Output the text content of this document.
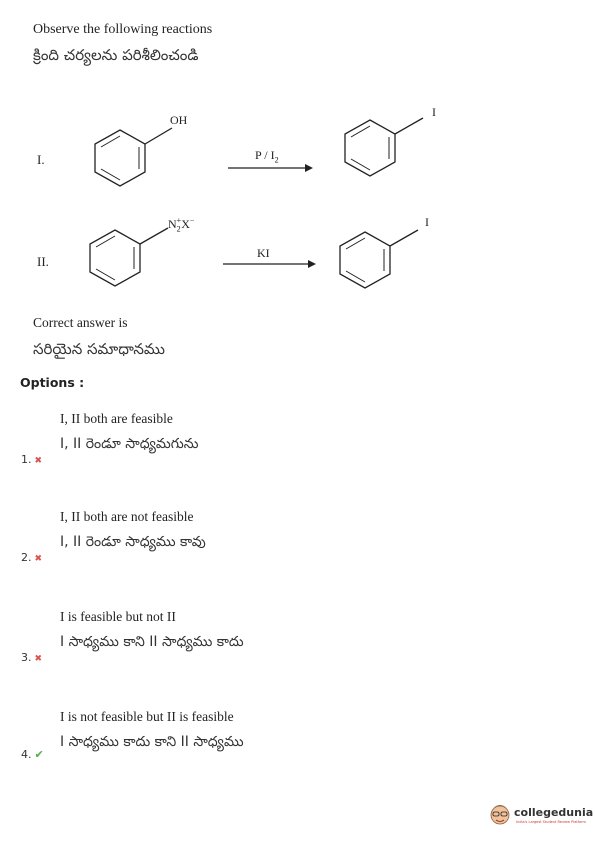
Observe the following reactions
క్రింది చర్యలను పరిశీలించండి
I.
OH
P / $I_2$
I
II.
$N_2^+X^-$
KI
I
Correct answer is
సరియైన సమాధానము
Options :
I, II both are feasible
I, II రెండూ సాధ్యమగును
1. ✖
I, II both are not feasible
I, II రెండూ సాధ్యము కావు
2. ✖
I is feasible but not II
I సాధ్యము కాని II సాధ్యము కాదు
3. ✖
I is not feasible but II is feasible
I సాధ్యము కాదు కాని II సాధ్యము
4. ✔
collegedunia
India's Largest Student Review Platform
